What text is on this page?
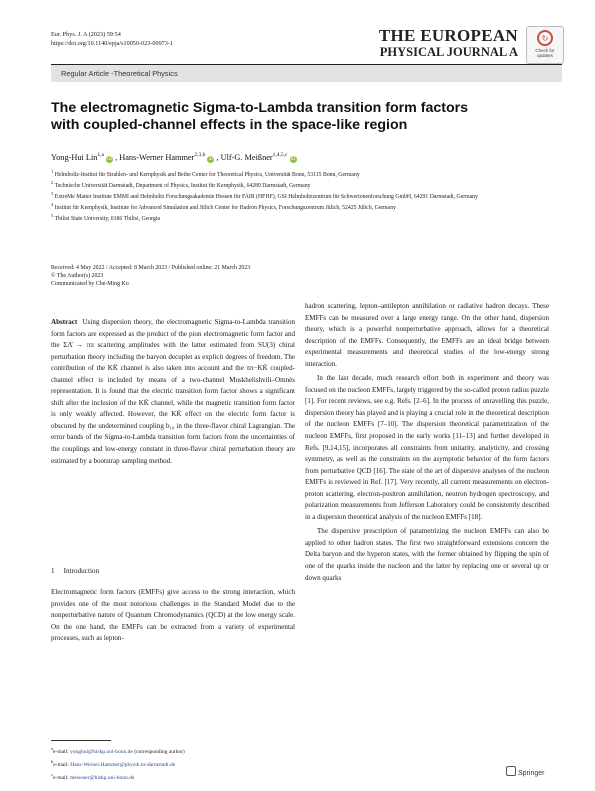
Eur. Phys. J. A (2023) 59:54
https://doi.org/10.1140/epja/s10050-023-00973-1	THE EUROPEAN
PHYSICAL JOURNAL A
↻
Check for
updates
Regular Article -Theoretical Physics
The electromagnetic Sigma-to-Lambda transition form factors
with coupled-channel effects in the space-like region
Yong-Hui Lin$^{1,a}$ iD , Hans-Werner Hammer$^{2,3,b}$ iD , Ulf-G. Meißner$^{1,4,5,c}$ iD
$^1$ Helmholtz-Institut für Strahlen- und Kernphysik and Bethe Center for Theoretical Physics, Universität Bonn, 53115 Bonn, Germany
$^2$ Technische Universität Darmstadt, Department of Physics, Institut für Kernphysik, 64289 Darmstadt, Germany
$^3$ ExtreMe Matter Institute EMMI and Helmholtz Forschungsakademie Hessen für FAIR (HFHF), GSI Helmholtzzentrum für Schwerionenforschung GmbH, 64291 Darmstadt, Germany
$^4$ Institut für Kernphysik, Institute for Advanced Simulation and Jülich Center for Hadron Physics, Forschungszentrum Jülich, 52425 Jülich, Germany
$^5$ Tbilisi State University, 0186 Tbilisi, Georgia
Received: 4 May 2022 / Accepted: 8 March 2023 / Published online: 21 March 2023
© The Author(s) 2023
Communicated by Che-Ming Ko

Abstract Using dispersion theory, the electromagnetic Sigma-to-Lambda transition form factors are expressed as the product of the pion electromagnetic form factor and the ΣΛ̄ → ππ scattering amplitudes with the latter estimated from SU(3) chiral perturbation theory including the baryon decuplet as explicit degrees of freedom. The contribution of the KK̄ channel is also taken into account and the ππ−KK̄ coupled-channel effect is included by means of a two-channel Muskhelishvili–Omnès representation. It is found that the electric transition form factor shows a significant shift after the inclusion of the KK̄ channel, while the magnetic transition form factor is only weakly affected. However, the KK̄ effect on the electric form factor is obscured by the undetermined coupling b₁₀ in the three-flavor chiral Lagrangian. The error bands of the Sigma-to-Lambda transition form factors from the uncertainties of the couplings and low-energy constant in three-flavor chiral perturbation theory are estimated by a bootstrap sampling method.

1 Introduction

Electromagnetic form factors (EMFFs) give access to the strong interaction, which provides one of the most notorious challenges in the Standard Model due to the nonperturbative nature of Quantum Chromodynamics (QCD) at the low energy scale. On the one hand, the EMFFs can be extracted from a variety of experimental processes, such as lepton-

hadron scattering, lepton–antilepton annihilation or radiative hadron decays. These EMFFs can be measured over a large energy range. On the other hand, dispersion theory, which is a powerful nonperturbative approach, allows for a theoretical description of the EMFFs. Consequently, the EMFFs are an ideal bridge between experimental measurements and theoretical studies of the low-energy strong interaction.

In the last decade, much research effort both in experiment and theory was focused on the nucleon EMFFs, largely triggered by the so-called proton radius puzzle [1]. For recent reviews, see e.g. Refs. [2–6]. In the process of unravelling this puzzle, dispersion theory has played and is playing a crucial role in the theoretical description of the nucleon EMFFs [7–10]. The dispersion theoretical parametrization of the nucleon EMFFs, first proposed in the early works [11–13] and further developed in Refs. [9,14,15], incorporates all constraints from unitarity, analyticity, and crossing symmetry, as well as the constraints on the asymptotic behavior of the form factors from perturbative QCD [16]. The state of the art of dispersive analyses of the nucleon EMFFs is reviewed in Ref. [17]. Very recently, all current measurements on electron-proton scattering, electron-positron annihilation, neutron hydrogen spectroscopy, and polarization measurements from Jefferson Laboratory could be consistently described in a dispersion theoretical analysis of the nucleon EMFFs [18].

The dispersive prescription of parametrizing the nucleon EMFFs can also be applied to other hadron states. The first two straightforward extensions concern the Delta baryon and the hyperon states, with the former obtained by flipping the spin of one of the quarks inside the nucleon and the latter by replacing one or several up or down quarks

$^a$e-mail: yonghui@hiskp.uni-bonn.de (corresponding author)
$^b$e-mail: Hans-Werner.Hammer@physik.tu-darmstadt.de
$^c$e-mail: meissner@hiskp.uni-bonn.de
Springer
